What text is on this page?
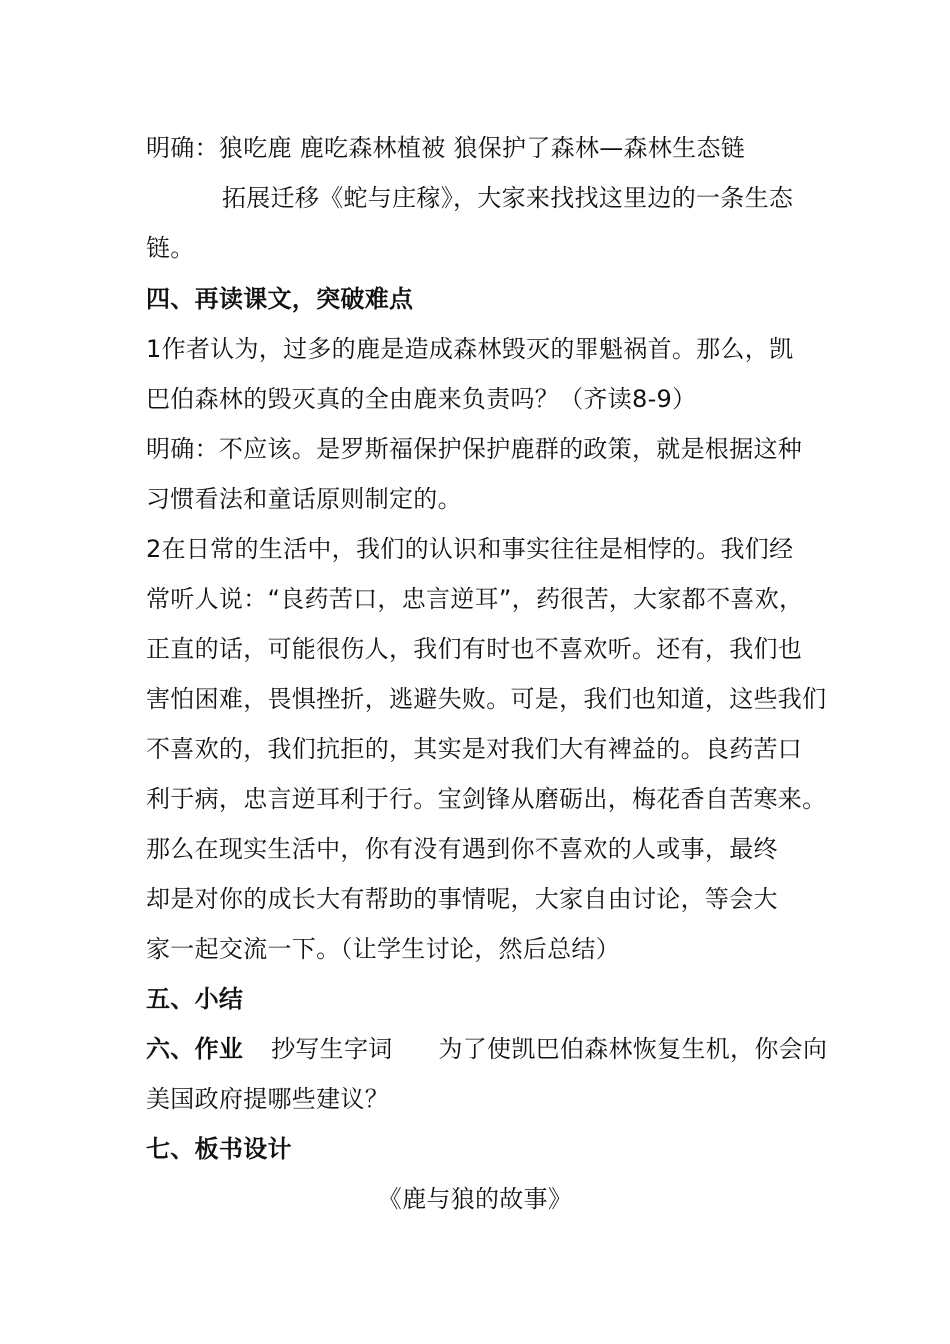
明确：狼吃鹿 鹿吃森林植被 狼保护了森林—森林生态链
拓展迁移《蛇与庄稼》，大家来找找这里边的一条生态
链。
四、再读课文，突破难点
1作者认为，过多的鹿是造成森林毁灭的罪魁祸首。那么，凯
巴伯森林的毁灭真的全由鹿来负责吗？（齐读8-9）
明确：不应该。是罗斯福保护保护鹿群的政策，就是根据这种
习惯看法和童话原则制定的。
2在日常的生活中，我们的认识和事实往往是相悖的。我们经
常听人说：“良药苦口，忠言逆耳”，药很苦，大家都不喜欢，
正直的话，可能很伤人，我们有时也不喜欢听。还有，我们也
害怕困难，畏惧挫折，逃避失败。可是，我们也知道，这些我们
不喜欢的，我们抗拒的，其实是对我们大有裨益的。良药苦口
利于病，忠言逆耳利于行。宝剑锋从磨砺出，梅花香自苦寒来。
那么在现实生活中，你有没有遇到你不喜欢的人或事，最终
却是对你的成长大有帮助的事情呢，大家自由讨论，等会大
家一起交流一下。（让学生讨论，然后总结）
五、小结
六、作业 抄写生字词 为了使凯巴伯森林恢复生机，你会向
美国政府提哪些建议？
七、板书设计
《鹿与狼的故事》
